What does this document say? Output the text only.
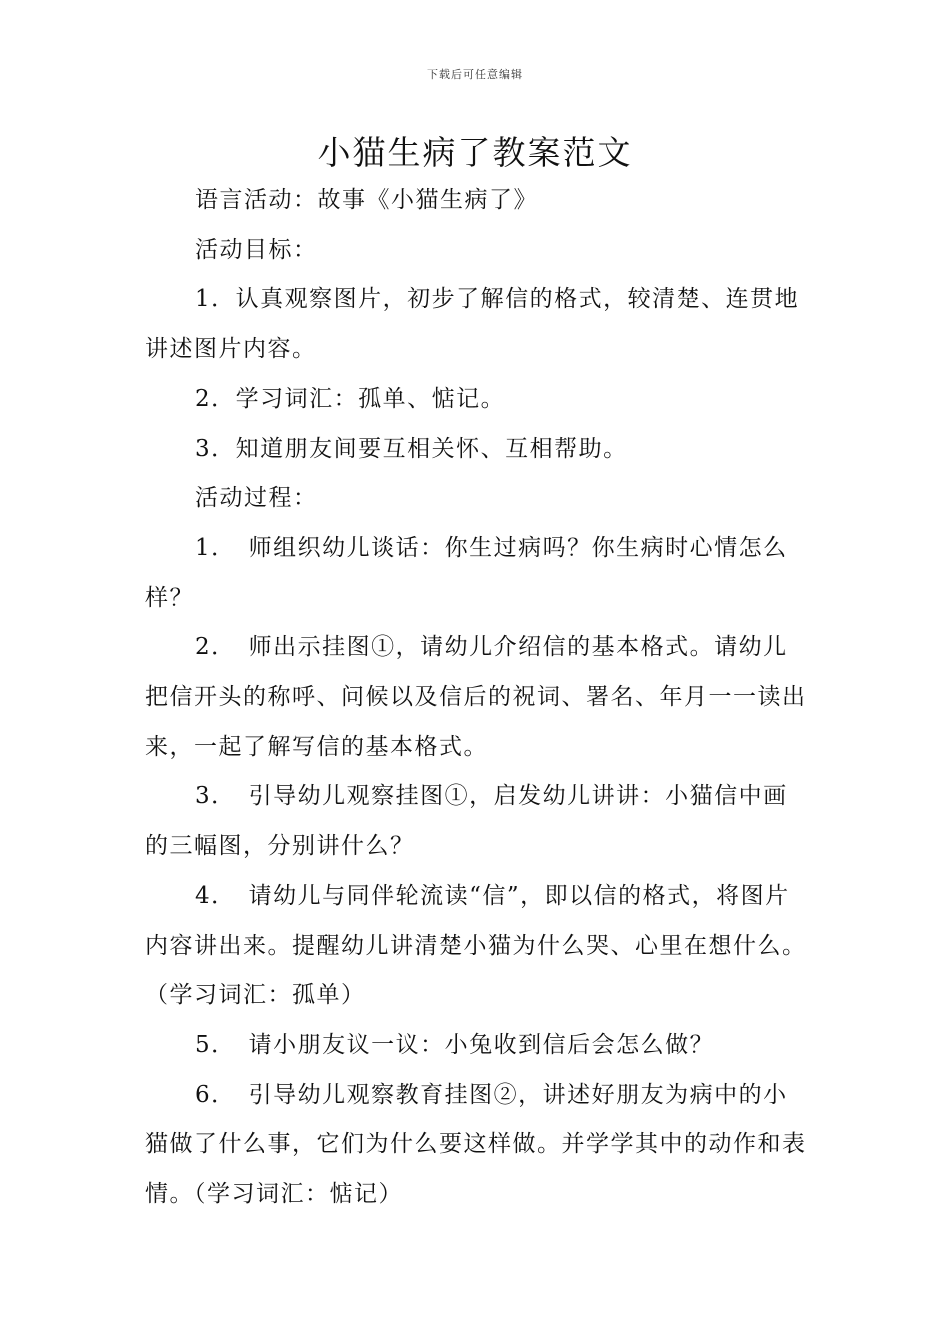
下载后可任意编辑
小猫生病了教案范文

语言活动：故事《小猫生病了》

活动目标：

1．认真观察图片，初步了解信的格式，较清楚、连贯地讲述图片内容。

2．学习词汇：孤单、惦记。

3．知道朋友间要互相关怀、互相帮助。

活动过程：

1．　师组织幼儿谈话：你生过病吗？你生病时心情怎么样？

2．　师出示挂图①，请幼儿介绍信的基本格式。请幼儿把信开头的称呼、问候以及信后的祝词、署名、年月一一读出来，一起了解写信的基本格式。

3．　引导幼儿观察挂图①，启发幼儿讲讲：小猫信中画的三幅图，分别讲什么？

4．　请幼儿与同伴轮流读“信”，即以信的格式，将图片内容讲出来。提醒幼儿讲清楚小猫为什么哭、心里在想什么。（学习词汇：孤单）

5．　请小朋友议一议：小兔收到信后会怎么做？

6．　引导幼儿观察教育挂图②，讲述好朋友为病中的小猫做了什么事，它们为什么要这样做。并学学其中的动作和表情。（学习词汇：惦记）
